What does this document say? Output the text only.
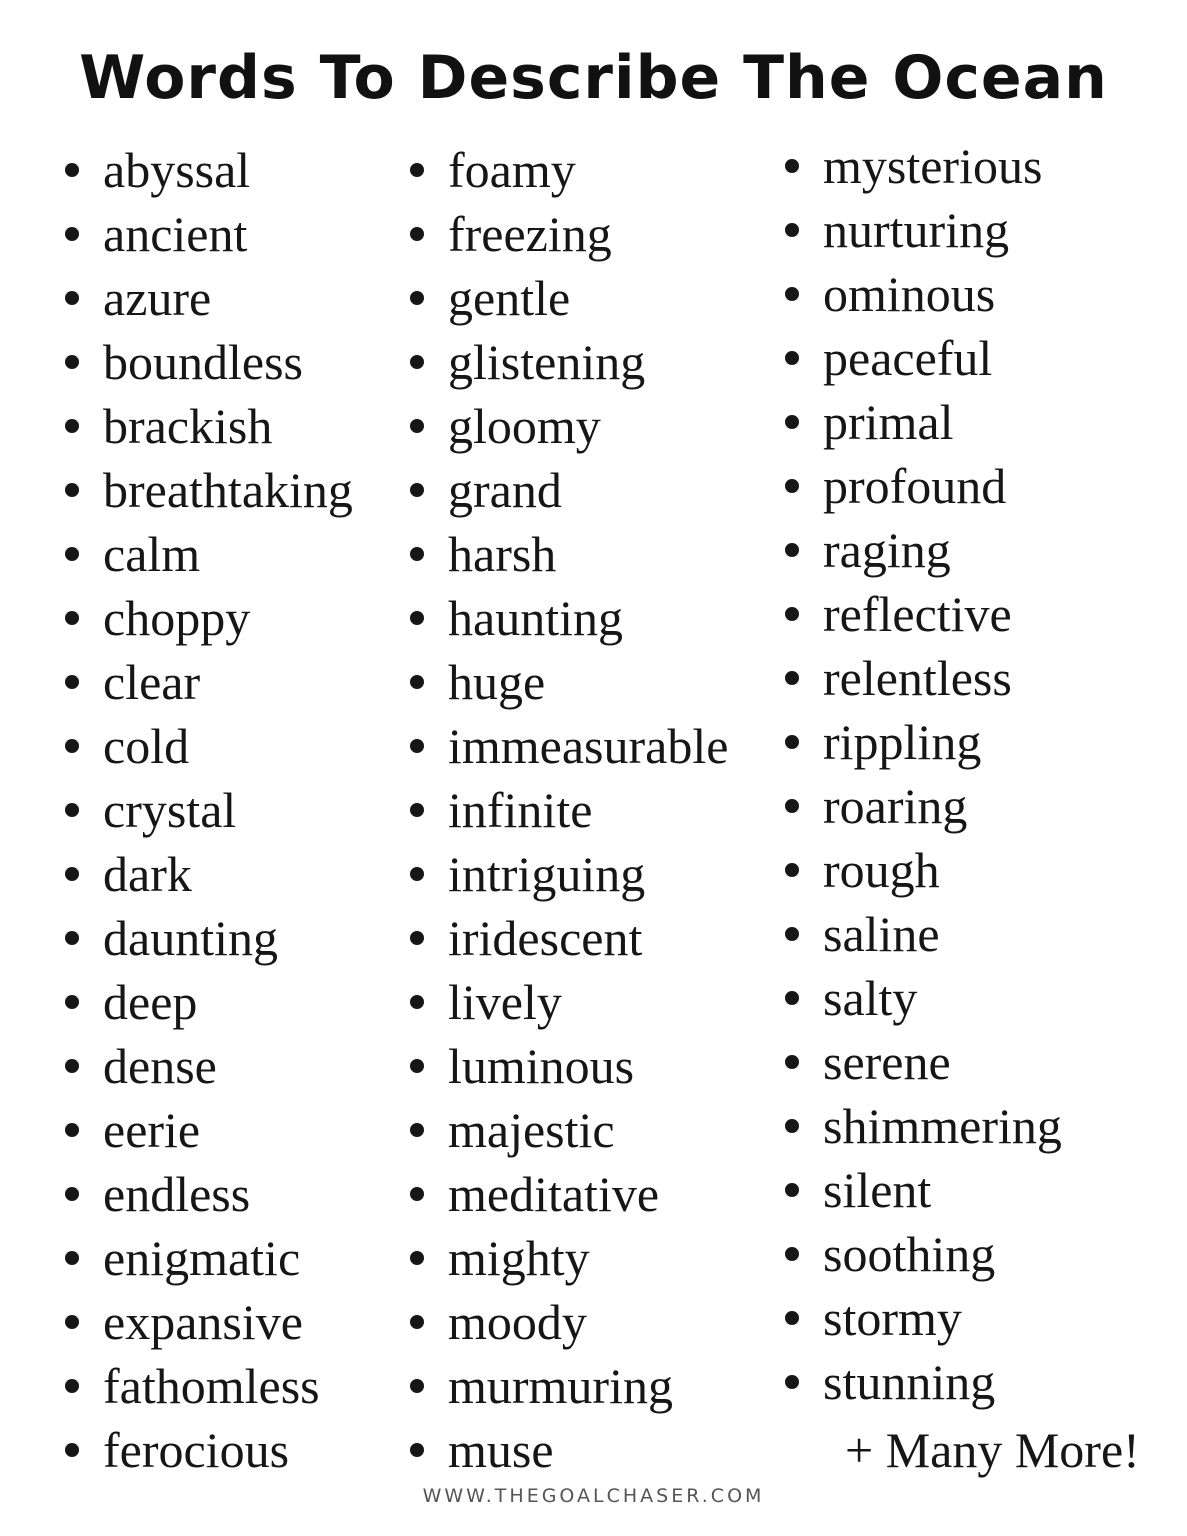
Words To Describe The Ocean
abyssal
ancient
azure
boundless
brackish
breathtaking
calm
choppy
clear
cold
crystal
dark
daunting
deep
dense
eerie
endless
enigmatic
expansive
fathomless
ferocious
foamy
freezing
gentle
glistening
gloomy
grand
harsh
haunting
huge
immeasurable
infinite
intriguing
iridescent
lively
luminous
majestic
meditative
mighty
moody
murmuring
muse
mysterious
nurturing
ominous
peaceful
primal
profound
raging
reflective
relentless
rippling
roaring
rough
saline
salty
serene
shimmering
silent
soothing
stormy
stunning
+ Many More!
WWW.THEGOALCHASER.COM
